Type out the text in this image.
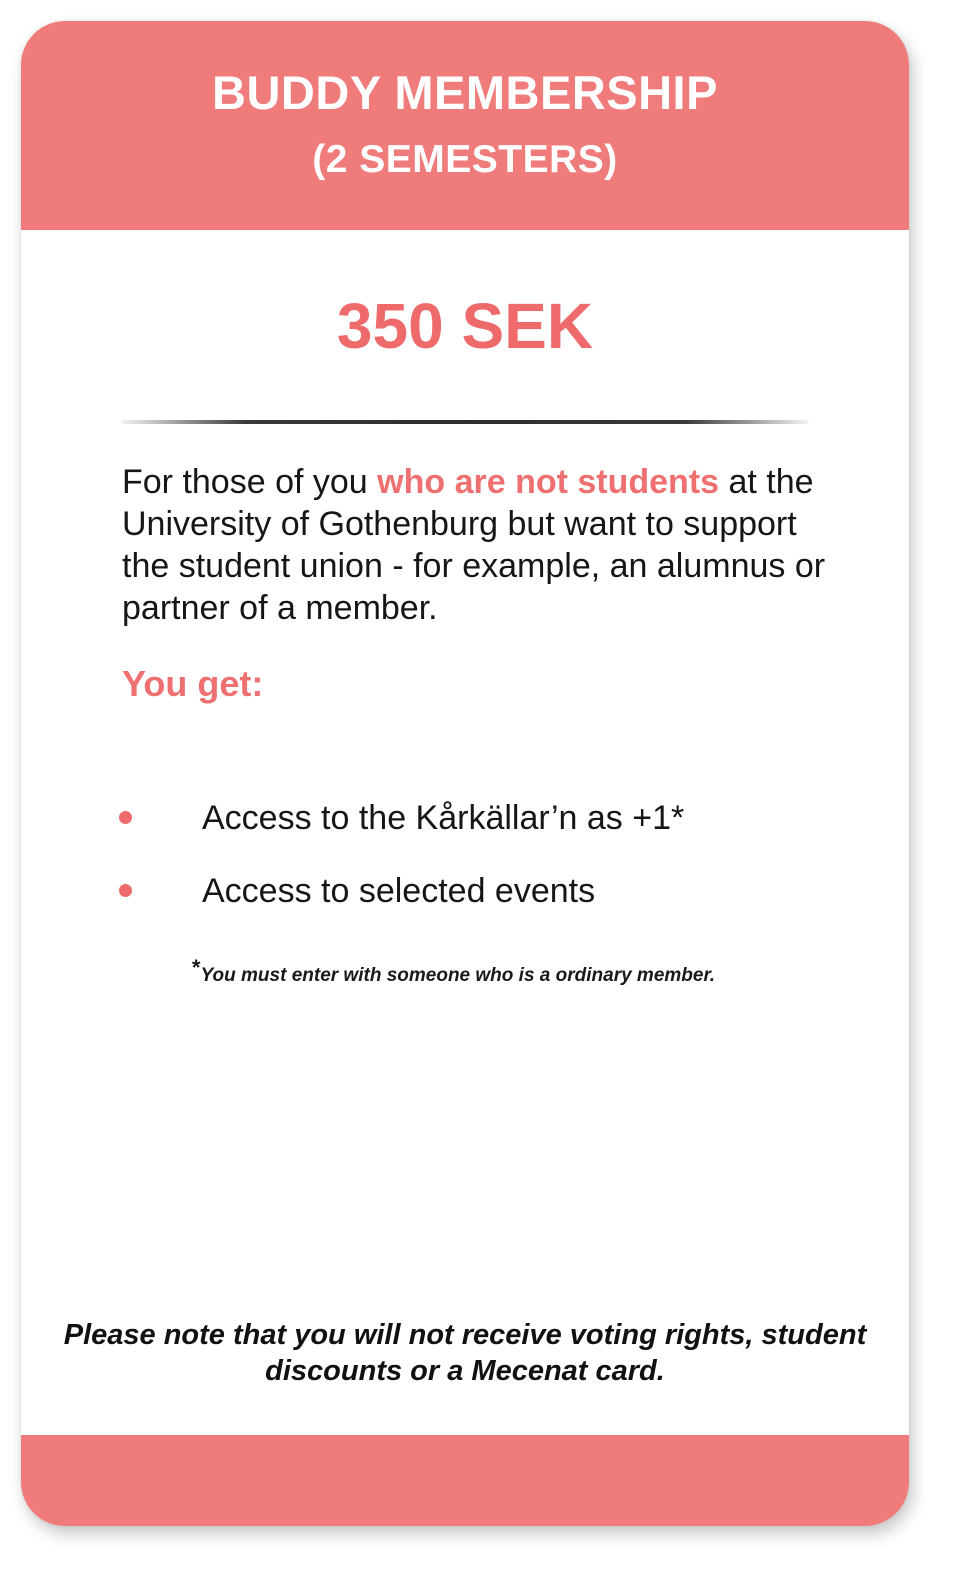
BUDDY MEMBERSHIP
(2 SEMESTERS)
350 SEK
For those of you who are not students at the University of Gothenburg but want to support the student union - for example, an alumnus or partner of a member.
You get:
Access to the Kårkällar’n as +1*
Access to selected events
*You must enter with someone who is a ordinary member.
Please note that you will not receive voting rights, student discounts or a Mecenat card.
